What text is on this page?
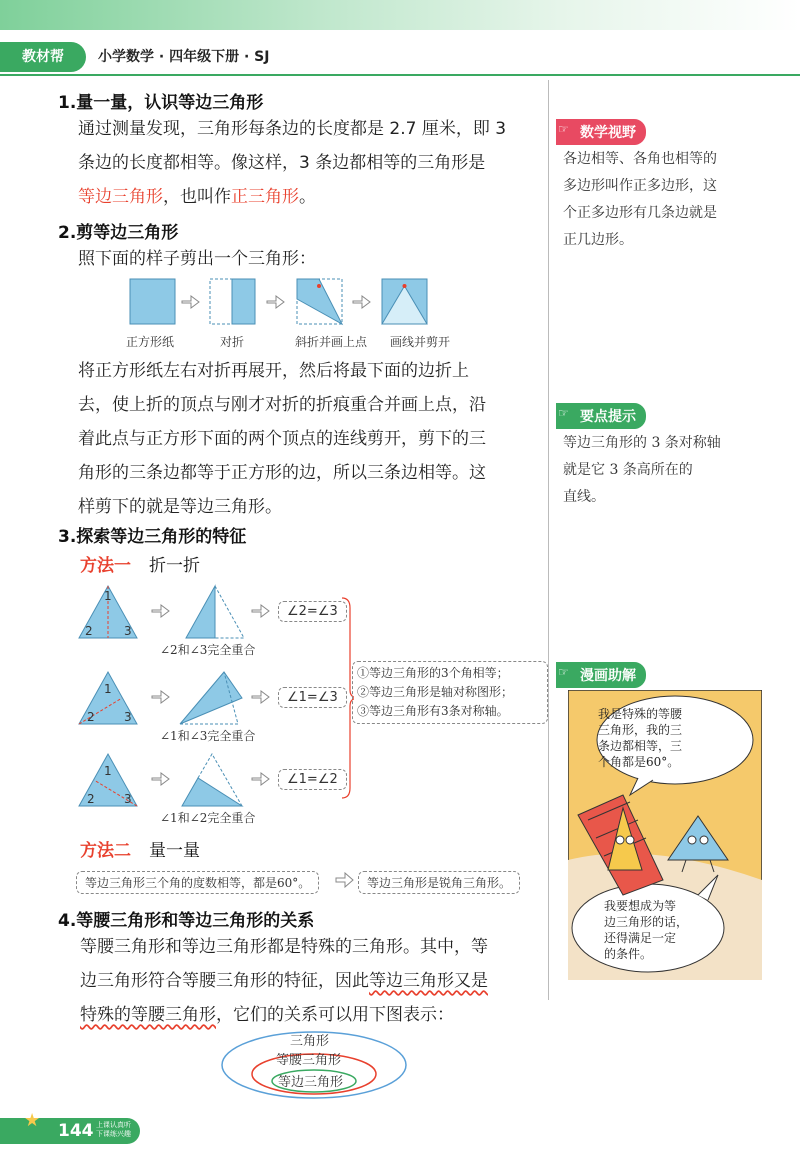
教材帮	小学数学 · 四年级下册 · SJ
1.量一量，认识等边三角形
通过测量发现，三角形每条边的长度都是 2.7 厘米，即 3
条边的长度都相等。像这样，3 条边都相等的三角形是
等边三角形，也叫作正三角形。
2.剪等边三角形
照下面的样子剪出一个三角形：
正方形纸	对折	斜折并画上点 画线并剪开
将正方形纸左右对折再展开，然后将最下面的边折上
去，使上折的顶点与刚才对折的折痕重合并画上点，沿
着此点与正方形下面的两个顶点的连线剪开，剪下的三
角形的三条边都等于正方形的边，所以三条边相等。这
样剪下的就是等边三角形。
3.探索等边三角形的特征
方法一 折一折
1
2	3
1
2 3
1
2 3
∠2=∠3
∠1=∠3
∠1=∠2
∠2和∠3完全重合
∠1和∠3完全重合
∠1和∠2完全重合
①等边三角形的3个角相等；
②等边三角形是轴对称图形；
③等边三角形有3条对称轴。
方法二 量一量
等边三角形三个角的度数相等，都是60°。	等边三角形是锐角三角形。
4.等腰三角形和等边三角形的关系
等腰三角形和等边三角形都是特殊的三角形。其中，等
边三角形符合等腰三角形的特征，因此等边三角形又是
特殊的等腰三角形，它们的关系可以用下图表示：
三角形
等腰三角形
等边三角形
数学视野
☞
各边相等、各角也相等的
多边形叫作正多边形，这
个正多边形有几条边就是
正几边形。
要点提示
☞
等边三角形的 3 条对称轴
就是它 3 条高所在的
直线。
漫画助解
☞
我是特殊的等腰
三角形，我的三
条边都相等，三
个角都是60°。
我要想成为等
边三角形的话，
还得满足一定
的条件。
★ 144 上课认真听
下课练兴趣
